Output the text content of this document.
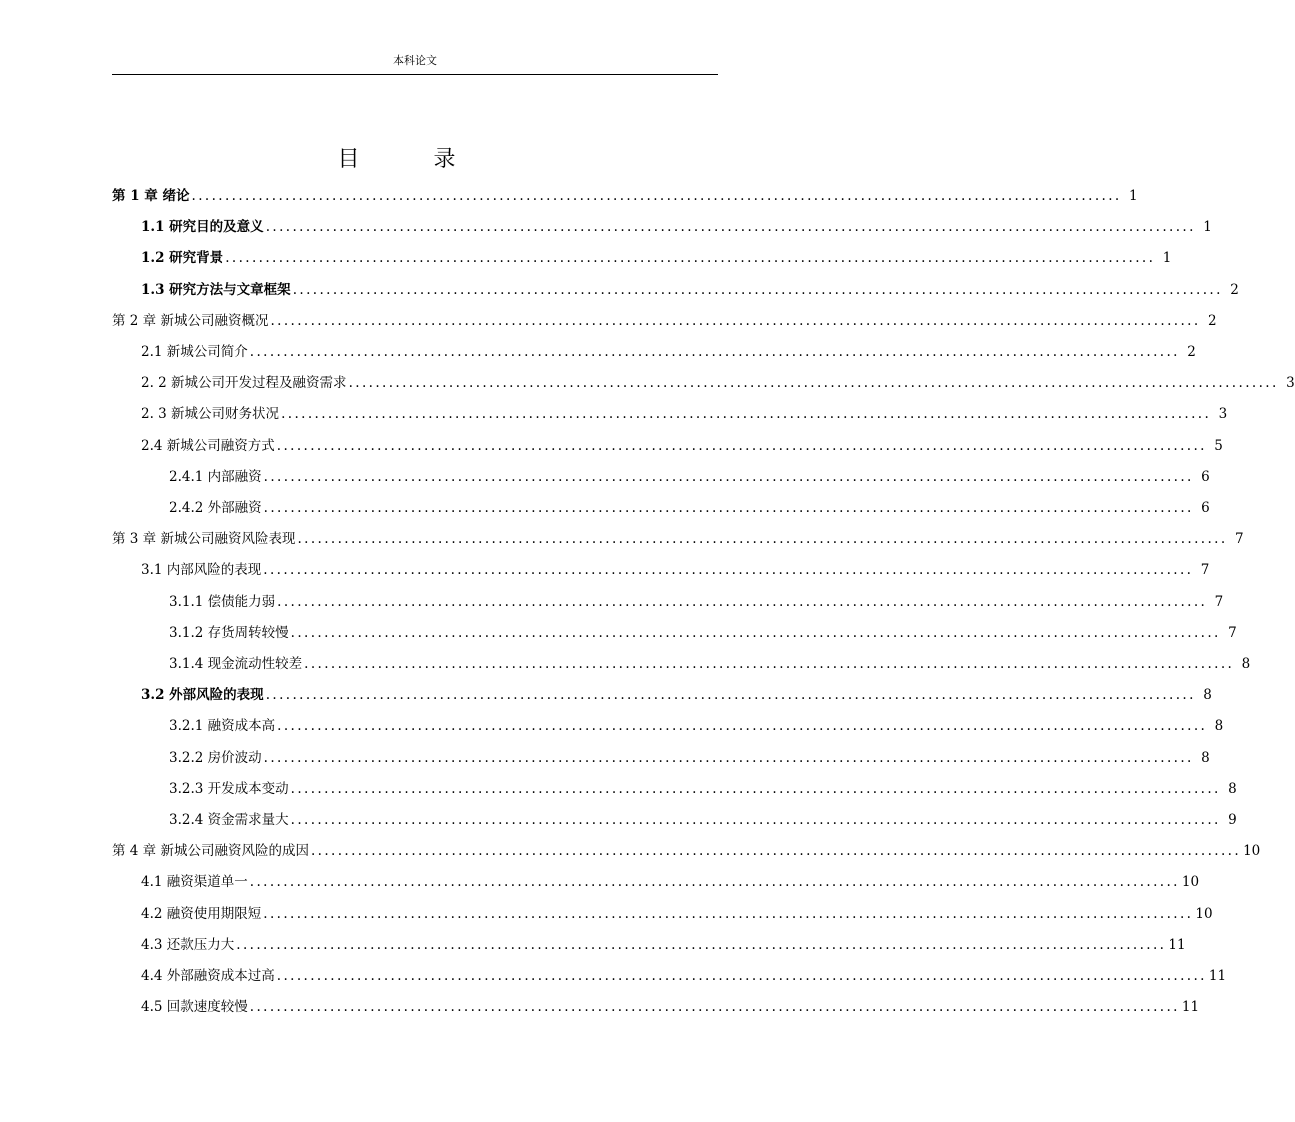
本科论文
目　录
第 1 章 绪论 ........................................................................................................................................... 1
1.1 研究目的及意义 ........................................................................................................................................... 1
1.2 研究背景 ........................................................................................................................................... 1
1.3 研究方法与文章框架 ........................................................................................................................................... 2
第 2 章 新城公司融资概况 ........................................................................................................................................... 2
2.1 新城公司简介 ........................................................................................................................................... 2
2. 2 新城公司开发过程及融资需求 ........................................................................................................................................... 3
2. 3 新城公司财务状况 ........................................................................................................................................... 3
2.4 新城公司融资方式 ........................................................................................................................................... 5
2.4.1 内部融资 ........................................................................................................................................... 6
2.4.2 外部融资 ........................................................................................................................................... 6
第 3 章 新城公司融资风险表现 ........................................................................................................................................... 7
3.1 内部风险的表现 ........................................................................................................................................... 7
3.1.1 偿债能力弱 ........................................................................................................................................... 7
3.1.2 存货周转较慢 ........................................................................................................................................... 7
3.1.4 现金流动性较差 ........................................................................................................................................... 8
3.2 外部风险的表现 ........................................................................................................................................... 8
3.2.1 融资成本高 ........................................................................................................................................... 8
3.2.2 房价波动 ........................................................................................................................................... 8
3.2.3 开发成本变动 ........................................................................................................................................... 8
3.2.4 资金需求量大 ........................................................................................................................................... 9
第 4 章 新城公司融资风险的成因 ........................................................................................................................................... 10
4.1 融资渠道单一 ........................................................................................................................................... 10
4.2 融资使用期限短 ........................................................................................................................................... 10
4.3 还款压力大 ........................................................................................................................................... 11
4.4 外部融资成本过高 ........................................................................................................................................... 11
4.5 回款速度较慢 ........................................................................................................................................... 11
